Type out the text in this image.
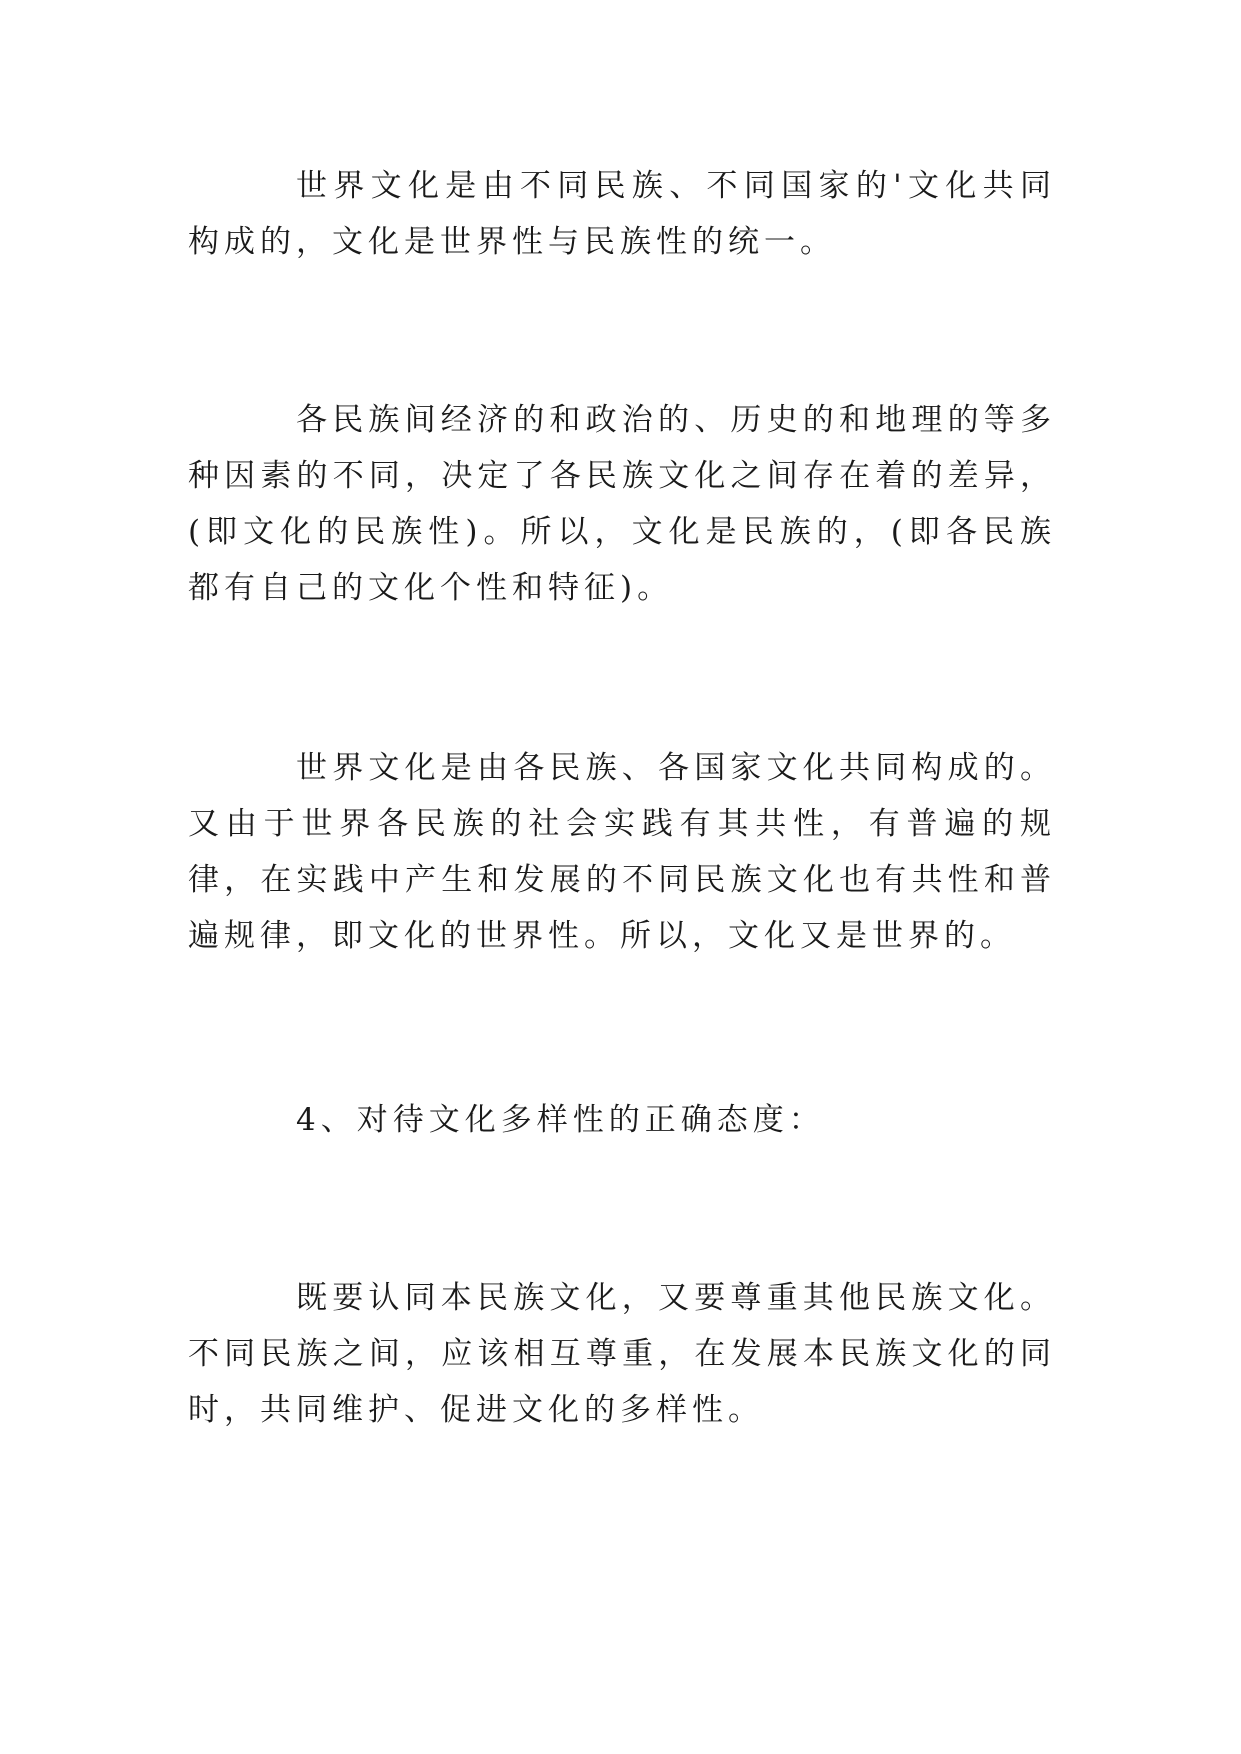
世界文化是由不同民族、不同国家的'文化共同构成的，文化是世界性与民族性的统一。

各民族间经济的和政治的、历史的和地理的等多种因素的不同，决定了各民族文化之间存在着的差异，(即文化的民族性)。所以，文化是民族的，(即各民族都有自己的文化个性和特征)。

世界文化是由各民族、各国家文化共同构成的。又由于世界各民族的社会实践有其共性，有普遍的规律，在实践中产生和发展的不同民族文化也有共性和普遍规律，即文化的世界性。所以，文化又是世界的。

4、对待文化多样性的正确态度：

既要认同本民族文化，又要尊重其他民族文化。不同民族之间，应该相互尊重，在发展本民族文化的同时，共同维护、促进文化的多样性。
